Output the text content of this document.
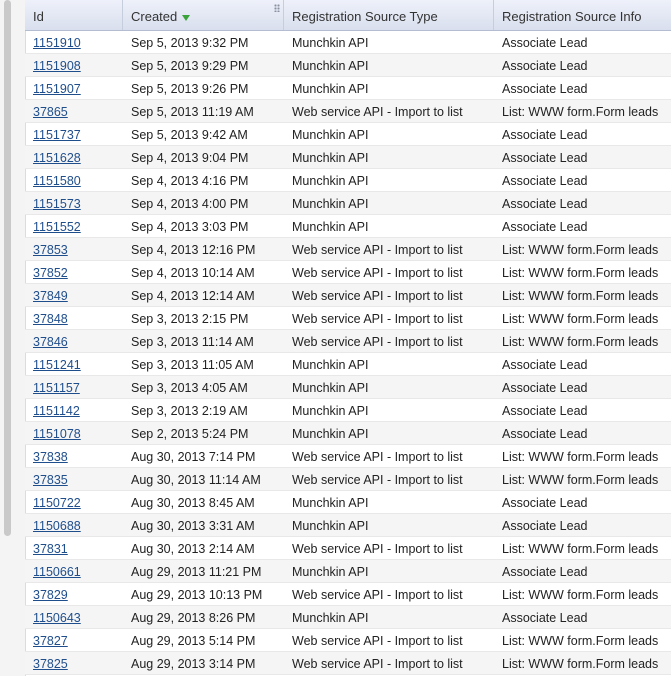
Id	Created	Registration Source Type	Registration Source Info
1151910	Sep 5, 2013 9:32 PM	Munchkin API	Associate Lead
1151908	Sep 5, 2013 9:29 PM	Munchkin API	Associate Lead
1151907	Sep 5, 2013 9:26 PM	Munchkin API	Associate Lead
37865	Sep 5, 2013 11:19 AM	Web service API - Import to list	List: WWW form.Form leads
1151737	Sep 5, 2013 9:42 AM	Munchkin API	Associate Lead
1151628	Sep 4, 2013 9:04 PM	Munchkin API	Associate Lead
1151580	Sep 4, 2013 4:16 PM	Munchkin API	Associate Lead
1151573	Sep 4, 2013 4:00 PM	Munchkin API	Associate Lead
1151552	Sep 4, 2013 3:03 PM	Munchkin API	Associate Lead
37853	Sep 4, 2013 12:16 PM	Web service API - Import to list	List: WWW form.Form leads
37852	Sep 4, 2013 10:14 AM	Web service API - Import to list	List: WWW form.Form leads
37849	Sep 4, 2013 12:14 AM	Web service API - Import to list	List: WWW form.Form leads
37848	Sep 3, 2013 2:15 PM	Web service API - Import to list	List: WWW form.Form leads
37846	Sep 3, 2013 11:14 AM	Web service API - Import to list	List: WWW form.Form leads
1151241	Sep 3, 2013 11:05 AM	Munchkin API	Associate Lead
1151157	Sep 3, 2013 4:05 AM	Munchkin API	Associate Lead
1151142	Sep 3, 2013 2:19 AM	Munchkin API	Associate Lead
1151078	Sep 2, 2013 5:24 PM	Munchkin API	Associate Lead
37838	Aug 30, 2013 7:14 PM	Web service API - Import to list	List: WWW form.Form leads
37835	Aug 30, 2013 11:14 AM	Web service API - Import to list	List: WWW form.Form leads
1150722	Aug 30, 2013 8:45 AM	Munchkin API	Associate Lead
1150688	Aug 30, 2013 3:31 AM	Munchkin API	Associate Lead
37831	Aug 30, 2013 2:14 AM	Web service API - Import to list	List: WWW form.Form leads
1150661	Aug 29, 2013 11:21 PM	Munchkin API	Associate Lead
37829	Aug 29, 2013 10:13 PM	Web service API - Import to list	List: WWW form.Form leads
1150643	Aug 29, 2013 8:26 PM	Munchkin API	Associate Lead
37827	Aug 29, 2013 5:14 PM	Web service API - Import to list	List: WWW form.Form leads
37825	Aug 29, 2013 3:14 PM	Web service API - Import to list	List: WWW form.Form leads
